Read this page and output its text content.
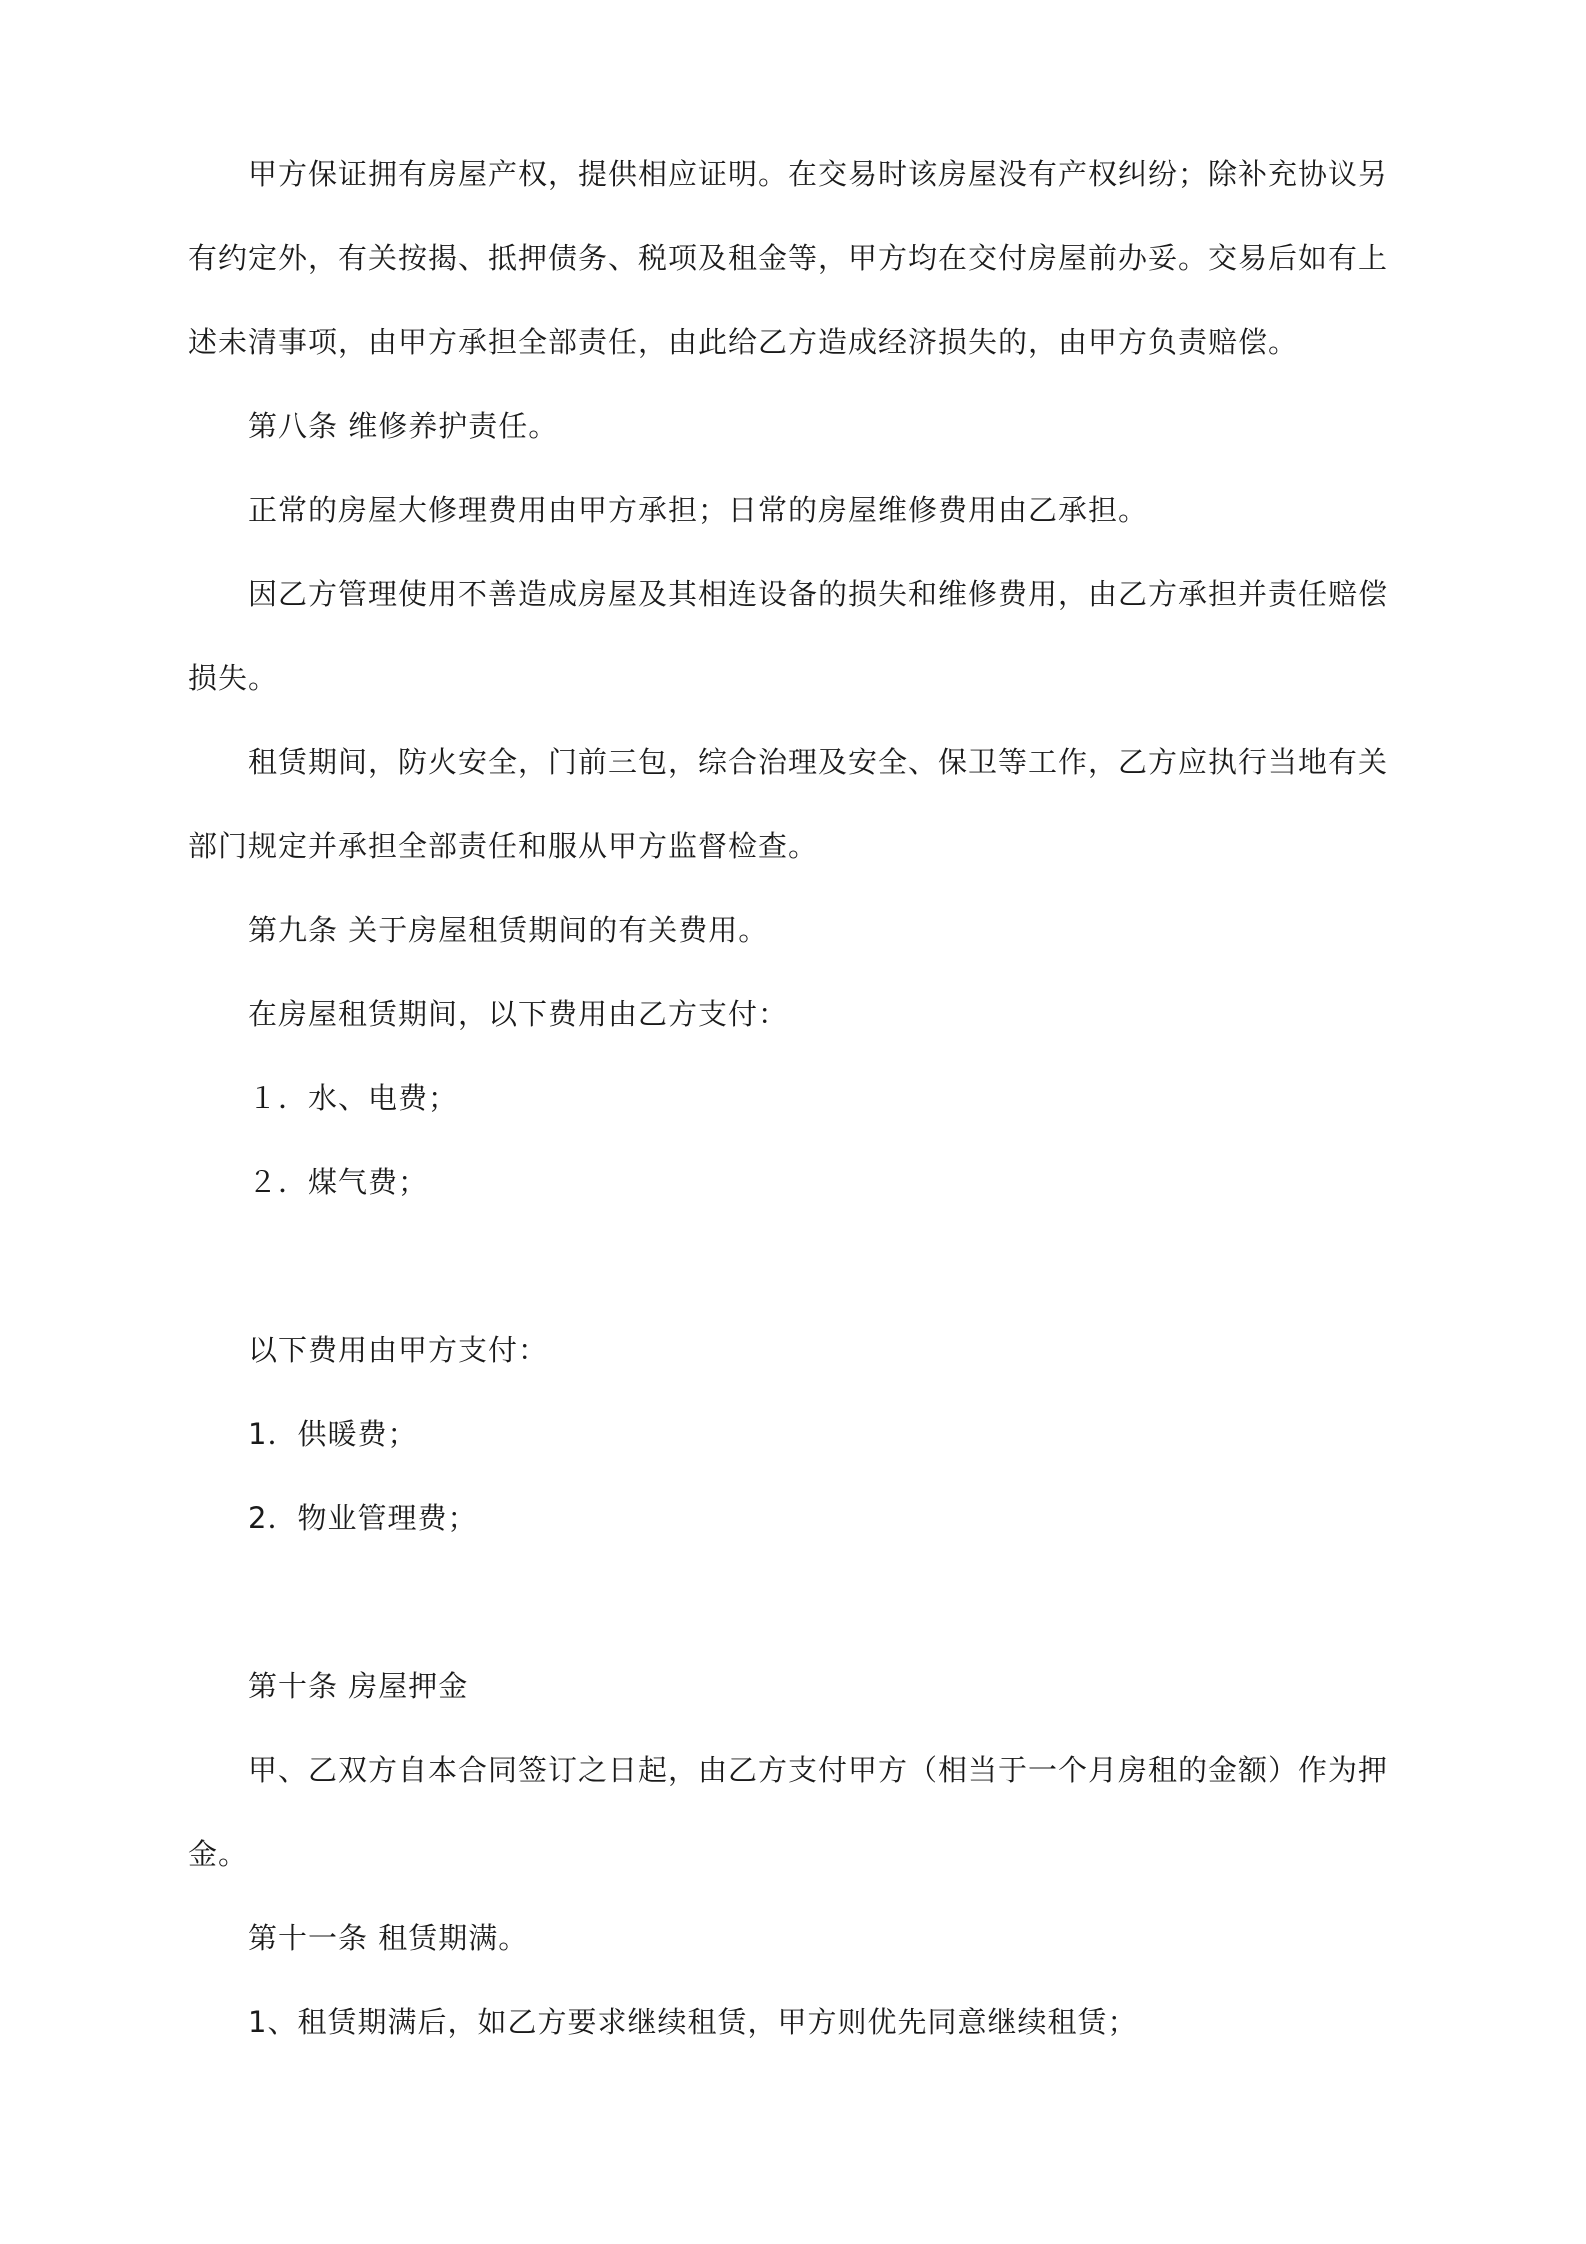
甲方保证拥有房屋产权，提供相应证明。在交易时该房屋没有产权纠纷；除补充协议另
有约定外，有关按揭、抵押债务、税项及租金等，甲方均在交付房屋前办妥。交易后如有上
述未清事项，由甲方承担全部责任，由此给乙方造成经济损失的，由甲方负责赔偿。
第八条 维修养护责任。
正常的房屋大修理费用由甲方承担；日常的房屋维修费用由乙承担。
因乙方管理使用不善造成房屋及其相连设备的损失和维修费用，由乙方承担并责任赔偿
损失。
租赁期间，防火安全，门前三包，综合治理及安全、保卫等工作，乙方应执行当地有关
部门规定并承担全部责任和服从甲方监督检查。
第九条 关于房屋租赁期间的有关费用。
在房屋租赁期间，以下费用由乙方支付：
１．水、电费；
２．煤气费；
以下费用由甲方支付：
1．供暖费；
2．物业管理费；
第十条 房屋押金
甲、乙双方自本合同签订之日起，由乙方支付甲方（相当于一个月房租的金额）作为押
金。
第十一条 租赁期满。
1、租赁期满后，如乙方要求继续租赁，甲方则优先同意继续租赁；
